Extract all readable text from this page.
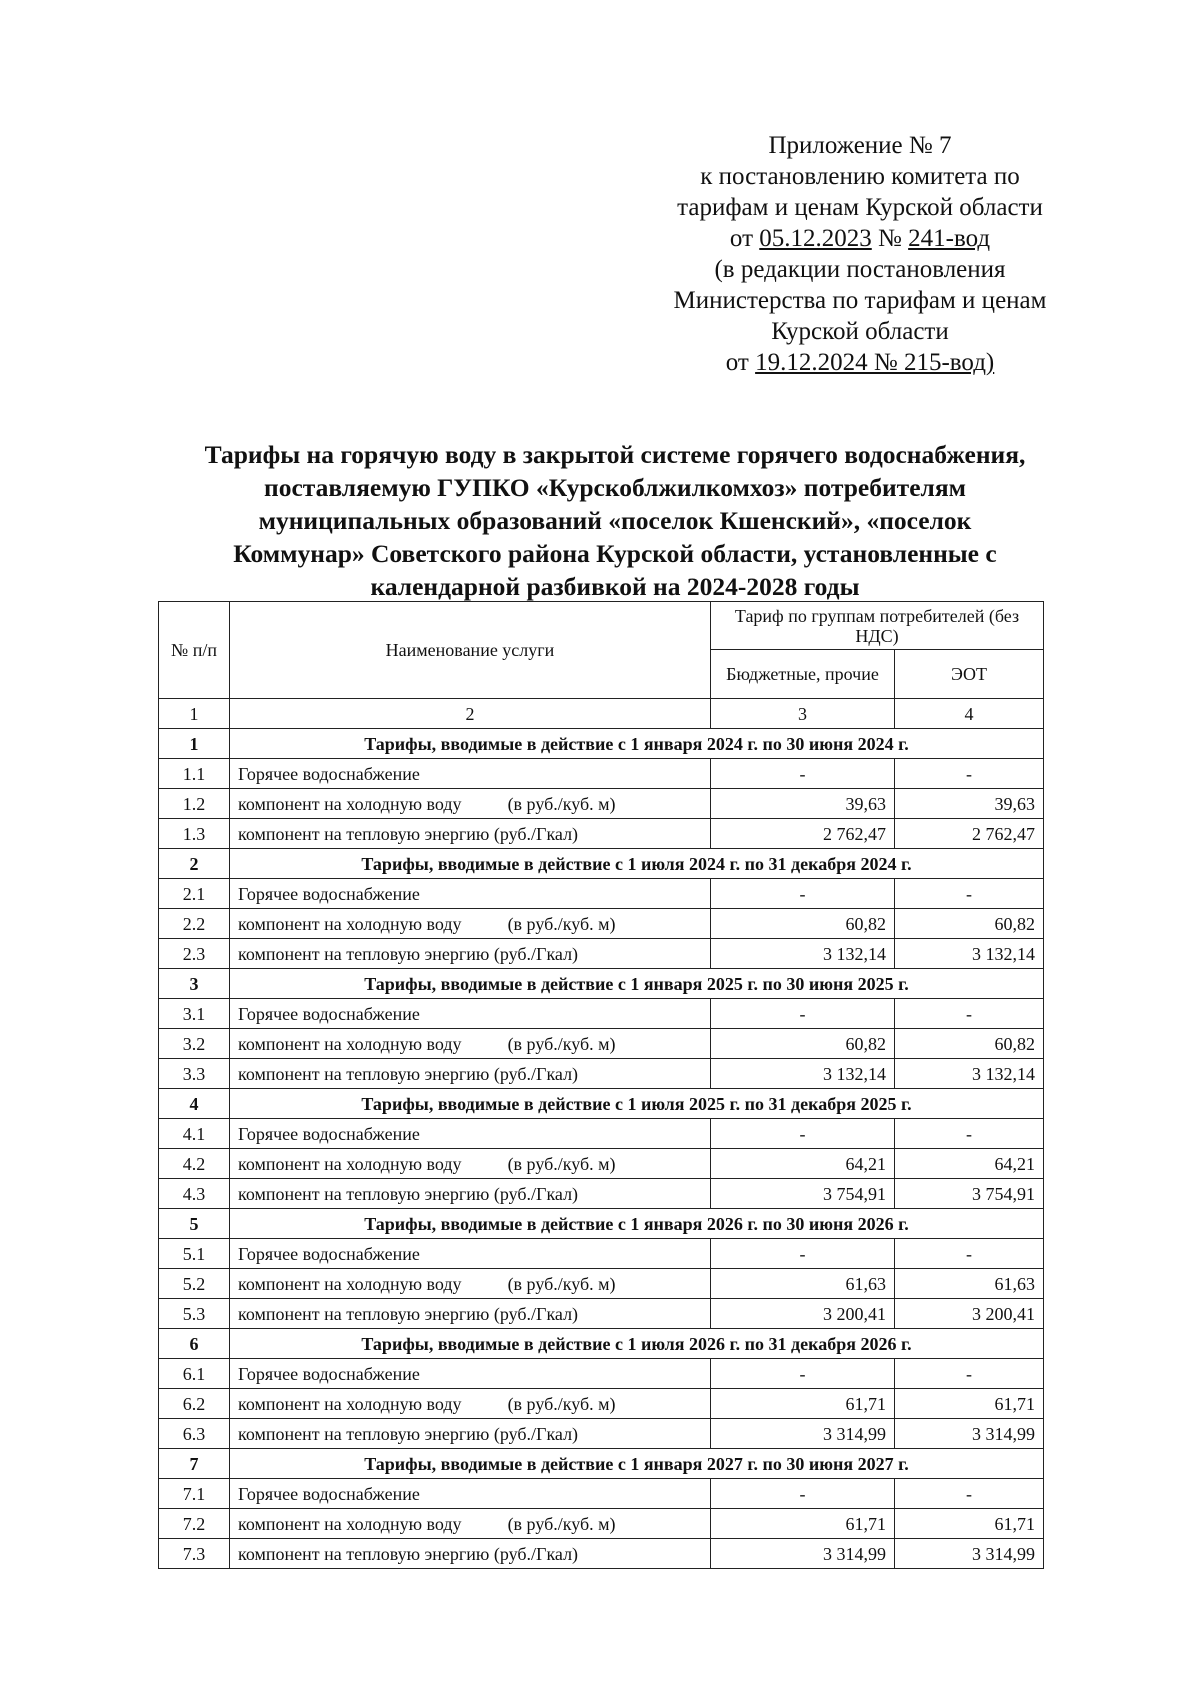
Приложение № 7
к постановлению комитета по
тарифам и ценам Курской области
от 05.12.2023 № 241-вод
(в редакции постановления
Министерства по тарифам и ценам
Курской области
от 19.12.2024 № 215-вод)
Тарифы на горячую воду в закрытой системе горячего водоснабжения,
поставляемую ГУПКО «Курскоблжилкомхоз» потребителям
муниципальных образований «поселок Кшенский», «поселок
Коммунар» Советского района Курской области, установленные с
календарной разбивкой на 2024-2028 годы
№ п/п	Наименование услуги	Тариф по группам потребителей (без НДС)	
		Бюджетные, прочие	ЭОТ
1	2	3	4
1	Тарифы, вводимые в действие с 1 января 2024 г. по 30 июня 2024 г.		
1.1	Горячее водоснабжение	-	-
1.2	компонент на холодную воду (в руб./куб. м)	39,63	39,63
1.3	компонент на тепловую энергию (руб./Гкал)	2 762,47	2 762,47
2	Тарифы, вводимые в действие с 1 июля 2024 г. по 31 декабря 2024 г.		
2.1	Горячее водоснабжение	-	-
2.2	компонент на холодную воду (в руб./куб. м)	60,82	60,82
2.3	компонент на тепловую энергию (руб./Гкал)	3 132,14	3 132,14
3	Тарифы, вводимые в действие с 1 января 2025 г. по 30 июня 2025 г.		
3.1	Горячее водоснабжение	-	-
3.2	компонент на холодную воду (в руб./куб. м)	60,82	60,82
3.3	компонент на тепловую энергию (руб./Гкал)	3 132,14	3 132,14
4	Тарифы, вводимые в действие с 1 июля 2025 г. по 31 декабря 2025 г.		
4.1	Горячее водоснабжение	-	-
4.2	компонент на холодную воду (в руб./куб. м)	64,21	64,21
4.3	компонент на тепловую энергию (руб./Гкал)	3 754,91	3 754,91
5	Тарифы, вводимые в действие с 1 января 2026 г. по 30 июня 2026 г.		
5.1	Горячее водоснабжение	-	-
5.2	компонент на холодную воду (в руб./куб. м)	61,63	61,63
5.3	компонент на тепловую энергию (руб./Гкал)	3 200,41	3 200,41
6	Тарифы, вводимые в действие с 1 июля 2026 г. по 31 декабря 2026 г.		
6.1	Горячее водоснабжение	-	-
6.2	компонент на холодную воду (в руб./куб. м)	61,71	61,71
6.3	компонент на тепловую энергию (руб./Гкал)	3 314,99	3 314,99
7	Тарифы, вводимые в действие с 1 января 2027 г. по 30 июня 2027 г.		
7.1	Горячее водоснабжение	-	-
7.2	компонент на холодную воду (в руб./куб. м)	61,71	61,71
7.3	компонент на тепловую энергию (руб./Гкал)	3 314,99	3 314,99
